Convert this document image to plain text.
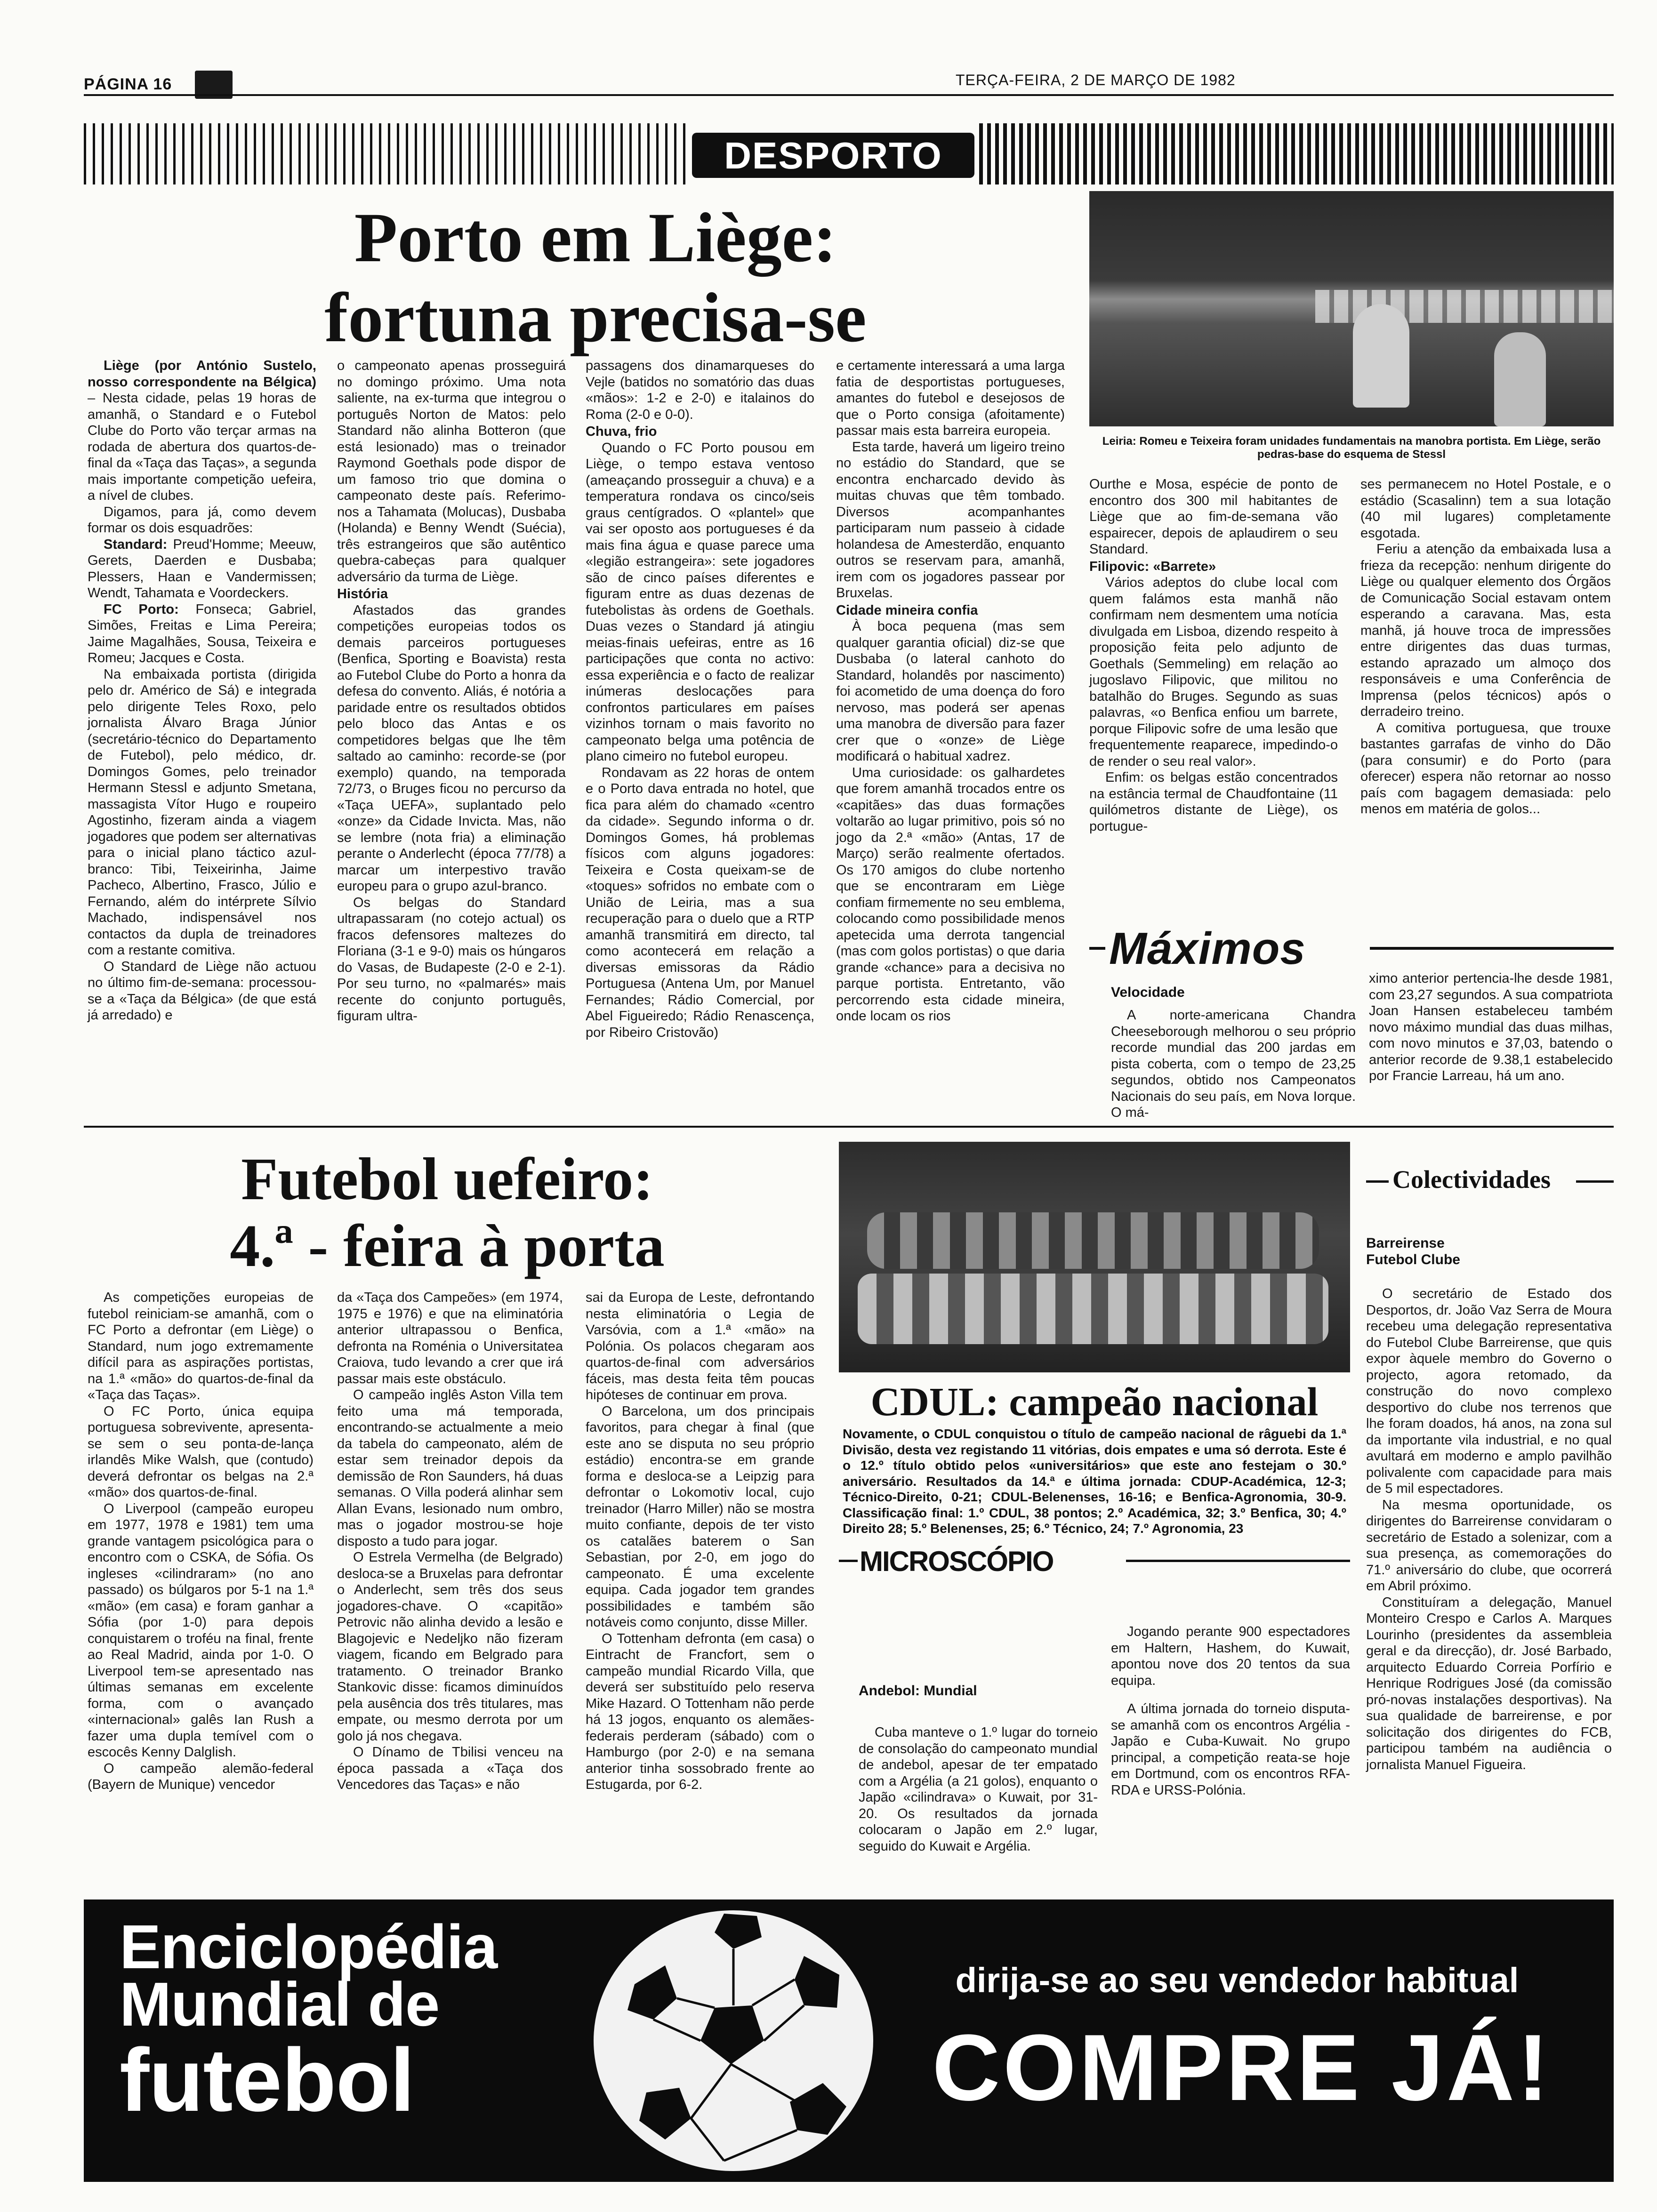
PÁGINA 16	TERÇA-FEIRA, 2 DE MARÇO DE 1982
DESPORTO
Porto em Liège:
fortuna precisa-se

Liège (por António Sustelo, nosso correspondente na Bélgica) – Nesta cidade, pelas 19 horas de amanhã, o Standard e o Futebol Clube do Porto vão terçar armas na rodada de abertura dos quartos-de-final da «Taça das Taças», a segunda mais importante competição uefeira, a nível de clubes.

Digamos, para já, como devem formar os dois esquadrões:

Standard: Preud'Homme; Meeuw, Gerets, Daerden e Dusbaba; Plessers, Haan e Vandermissen; Wendt, Tahamata e Voordeckers.

FC Porto: Fonseca; Gabriel, Simões, Freitas e Lima Pereira; Jaime Magalhães, Sousa, Teixeira e Romeu; Jacques e Costa.

Na embaixada portista (dirigida pelo dr. Américo de Sá) e integrada pelo dirigente Teles Roxo, pelo jornalista Álvaro Braga Júnior (secretário-técnico do Departamento de Futebol), pelo médico, dr. Domingos Gomes, pelo treinador Hermann Stessl e adjunto Smetana, massagista Vítor Hugo e roupeiro Agostinho, fizeram ainda a viagem jogadores que podem ser alternativas para o inicial plano táctico azul-branco: Tibi, Teixeirinha, Jaime Pacheco, Albertino, Frasco, Júlio e Fernando, além do intérprete Sílvio Machado, indispensável nos contactos da dupla de treinadores com a restante comitiva.

O Standard de Liège não actuou no último fim-de-semana: processou-se a «Taça da Bélgica» (de que está já arredado) e

o campeonato apenas prosseguirá no domingo próximo. Uma nota saliente, na ex-turma que integrou o português Norton de Matos: pelo Standard não alinha Botteron (que está lesionado) mas o treinador Raymond Goethals pode dispor de um famoso trio que domina o campeonato deste país. Referimo-nos a Tahamata (Molucas), Dusbaba (Holanda) e Benny Wendt (Suécia), três estrangeiros que são autêntico quebra-cabeças para qualquer adversário da turma de Liège.

História

Afastados das grandes competições europeias todos os demais parceiros portugueses (Benfica, Sporting e Boavista) resta ao Futebol Clube do Porto a honra da defesa do convento. Aliás, é notória a paridade entre os resultados obtidos pelo bloco das Antas e os competidores belgas que lhe têm saltado ao caminho: recorde-se (por exemplo) quando, na temporada 72/73, o Bruges ficou no percurso da «Taça UEFA», suplantado pelo «onze» da Cidade Invicta. Mas, não se lembre (nota fria) a eliminação perante o Anderlecht (época 77/78) a marcar um interpestivo travão europeu para o grupo azul-branco.

Os belgas do Standard ultrapassaram (no cotejo actual) os fracos defensores maltezes do Floriana (3-1 e 9-0) mais os húngaros do Vasas, de Budapeste (2-0 e 2-1). Por seu turno, no «palmarés» mais recente do conjunto português, figuram ultra-

passagens dos dinamarqueses do Vejle (batidos no somatório das duas «mãos»: 1-2 e 2-0) e italainos do Roma (2-0 e 0-0).

Chuva, frio

Quando o FC Porto pousou em Liège, o tempo estava ventoso (ameaçando prosseguir a chuva) e a temperatura rondava os cinco/seis graus centígrados. O «plantel» que vai ser oposto aos portugueses é da mais fina água e quase parece uma «legião estrangeira»: sete jogadores são de cinco países diferentes e figuram entre as duas dezenas de futebolistas às ordens de Goethals. Duas vezes o Standard já atingiu meias-finais uefeiras, entre as 16 participações que conta no activo: essa experiência e o facto de realizar inúmeras deslocações para confrontos particulares em países vizinhos tornam o mais favorito no campeonato belga uma potência de plano cimeiro no futebol europeu.

Rondavam as 22 horas de ontem e o Porto dava entrada no hotel, que fica para além do chamado «centro da cidade». Segundo informa o dr. Domingos Gomes, há problemas físicos com alguns jogadores: Teixeira e Costa queixam-se de «toques» sofridos no embate com o União de Leiria, mas a sua recuperação para o duelo que a RTP amanhã transmitirá em directo, tal como acontecerá em relação a diversas emissoras da Rádio Portuguesa (Antena Um, por Manuel Fernandes; Rádio Comercial, por Abel Figueiredo; Rádio Renascença, por Ribeiro Cristovão)

e certamente interessará a uma larga fatia de desportistas portugueses, amantes do futebol e desejosos de que o Porto consiga (afoitamente) passar mais esta barreira europeia.

Esta tarde, haverá um ligeiro treino no estádio do Standard, que se encontra encharcado devido às muitas chuvas que têm tombado. Diversos acompanhantes participaram num passeio à cidade holandesa de Amesterdão, enquanto outros se reservam para, amanhã, irem com os jogadores passear por Bruxelas.

Cidade mineira confia

À boca pequena (mas sem qualquer garantia oficial) diz-se que Dusbaba (o lateral canhoto do Standard, holandês por nascimento) foi acometido de uma doença do foro nervoso, mas poderá ser apenas uma manobra de diversão para fazer crer que o «onze» de Liège modificará o habitual xadrez.

Uma curiosidade: os galhardetes que forem amanhã trocados entre os «capitães» das duas formações voltarão ao lugar primitivo, pois só no jogo da 2.ª «mão» (Antas, 17 de Março) serão realmente ofertados. Os 170 amigos do clube nortenho que se encontraram em Liège confiam firmemente no seu emblema, colocando como possibilidade menos apetecida uma derrota tangencial (mas com golos portistas) o que daria grande «chance» para a decisiva no parque portista. Entretanto, vão percorrendo esta cidade mineira, onde locam os rios

Leiria: Romeu e Teixeira foram unidades fundamentais na manobra portista. Em Liège, serão pedras-base do esquema de Stessl

Ourthe e Mosa, espécie de ponto de encontro dos 300 mil habitantes de Liège que ao fim-de-semana vão espairecer, depois de aplaudirem o seu Standard.

Filipovic: «Barrete»

Vários adeptos do clube local com quem falámos esta manhã não confirmam nem desmentem uma notícia divulgada em Lisboa, dizendo respeito à proposição feita pelo adjunto de Goethals (Semmeling) em relação ao jugoslavo Filipovic, que militou no batalhão do Bruges. Segundo as suas palavras, «o Benfica enfiou um barrete, porque Filipovic sofre de uma lesão que frequentemente reaparece, impedindo-o de render o seu real valor».

Enfim: os belgas estão concentrados na estância termal de Chaudfontaine (11 quilómetros distante de Liège), os portugue-

ses permanecem no Hotel Postale, e o estádio (Scasalinn) tem a sua lotação (40 mil lugares) completamente esgotada.

Feriu a atenção da embaixada lusa a frieza da recepção: nenhum dirigente do Liège ou qualquer elemento dos Órgãos de Comunicação Social estavam ontem esperando a caravana. Mas, esta manhã, já houve troca de impressões entre dirigentes das duas turmas, estando aprazado um almoço dos responsáveis e uma Conferência de Imprensa (pelos técnicos) após o derradeiro treino.

A comitiva portuguesa, que trouxe bastantes garrafas de vinho do Dão (para consumir) e do Porto (para oferecer) espera não retornar ao nosso país com bagagem demasiada: pelo menos em matéria de golos...

Máximos
Velocidade

A norte-americana Chandra Cheeseborough melhorou o seu próprio recorde mundial das 200 jardas em pista coberta, com o tempo de 23,25 segundos, obtido nos Campeonatos Nacionais do seu país, em Nova Iorque. O má-

ximo anterior pertencia-lhe desde 1981, com 23,27 segundos. A sua compatriota Joan Hansen estabeleceu também novo máximo mundial das duas milhas, com novo minutos e 37,03, batendo o anterior recorde de 9.38,1 estabelecido por Francie Larreau, há um ano.

Futebol uefeiro:
4.ª - feira à porta

As competições europeias de futebol reiniciam-se amanhã, com o FC Porto a defrontar (em Liège) o Standard, num jogo extremamente difícil para as aspirações portistas, na 1.ª «mão» do quartos-de-final da «Taça das Taças».

O FC Porto, única equipa portuguesa sobrevivente, apresenta-se sem o seu ponta-de-lança irlandês Mike Walsh, que (contudo) deverá defrontar os belgas na 2.ª «mão» dos quartos-de-final.

O Liverpool (campeão europeu em 1977, 1978 e 1981) tem uma grande vantagem psicológica para o encontro com o CSKA, de Sófia. Os ingleses «cilindraram» (no ano passado) os búlgaros por 5-1 na 1.ª «mão» (em casa) e foram ganhar a Sófia (por 1-0) para depois conquistarem o troféu na final, frente ao Real Madrid, ainda por 1-0. O Liverpool tem-se apresentado nas últimas semanas em excelente forma, com o avançado «internacional» galês Ian Rush a fazer uma dupla temível com o escocês Kenny Dalglish.

O campeão alemão-federal (Bayern de Munique) vencedor

da «Taça dos Campeões» (em 1974, 1975 e 1976) e que na eliminatória anterior ultrapassou o Benfica, defronta na Roménia o Universitatea Craiova, tudo levando a crer que irá passar mais este obstáculo.

O campeão inglês Aston Villa tem feito uma má temporada, encontrando-se actualmente a meio da tabela do campeonato, além de estar sem treinador depois da demissão de Ron Saunders, há duas semanas. O Villa poderá alinhar sem Allan Evans, lesionado num ombro, mas o jogador mostrou-se hoje disposto a tudo para jogar.

O Estrela Vermelha (de Belgrado) desloca-se a Bruxelas para defrontar o Anderlecht, sem três dos seus jogadores-chave. O «capitão» Petrovic não alinha devido a lesão e Blagojevic e Nedeljko não fizeram viagem, ficando em Belgrado para tratamento. O treinador Branko Stankovic disse: ficamos diminuídos pela ausência dos três titulares, mas empate, ou mesmo derrota por um golo já nos chegava.

O Dínamo de Tbilisi venceu na época passada a «Taça dos Vencedores das Taças» e não

sai da Europa de Leste, defrontando nesta eliminatória o Legia de Varsóvia, com a 1.ª «mão» na Polónia. Os polacos chegaram aos quartos-de-final com adversários fáceis, mas desta feita têm poucas hipóteses de continuar em prova.

O Barcelona, um dos principais favoritos, para chegar à final (que este ano se disputa no seu próprio estádio) encontra-se em grande forma e desloca-se a Leipzig para defrontar o Lokomotiv local, cujo treinador (Harro Miller) não se mostra muito confiante, depois de ter visto os catalães baterem o San Sebastian, por 2-0, em jogo do campeonato. É uma excelente equipa. Cada jogador tem grandes possibilidades e também são notáveis como conjunto, disse Miller.

O Tottenham defronta (em casa) o Eintracht de Francfort, sem o campeão mundial Ricardo Villa, que deverá ser substituído pelo reserva Mike Hazard. O Tottenham não perde há 13 jogos, enquanto os alemães-federais perderam (sábado) com o Hamburgo (por 2-0) e na semana anterior tinha sossobrado frente ao Estugarda, por 6-2.

CDUL: campeão nacional
Novamente, o CDUL conquistou o título de campeão nacional de râguebi da 1.ª Divisão, desta vez registando 11 vitórias, dois empates e uma só derrota. Este é o 12.º título obtido pelos «universitários» que este ano festejam o 30.º aniversário. Resultados da 14.ª e última jornada: CDUP-Académica, 12-3; Técnico-Direito, 0-21; CDUL-Belenenses, 16-16; e Benfica-Agronomia, 30-9. Classificação final: 1.º CDUL, 38 pontos; 2.º Académica, 32; 3.º Benfica, 30; 4.º Direito 28; 5.º Belenenses, 25; 6.º Técnico, 24; 7.º Agronomia, 23
MICROSCÓPIO
Andebol: Mundial

Cuba manteve o 1.º lugar do torneio de consolação do campeonato mundial de andebol, apesar de ter empatado com a Argélia (a 21 golos), enquanto o Japão «cilindrava» o Kuwait, por 31-20. Os resultados da jornada colocaram o Japão em 2.º lugar, seguido do Kuwait e Argélia.

Jogando perante 900 espectadores em Haltern, Hashem, do Kuwait, apontou nove dos 20 tentos da sua equipa.

A última jornada do torneio disputa-se amanhã com os encontros Argélia - Japão e Cuba-Kuwait. No grupo principal, a competição reata-se hoje em Dortmund, com os encontros RFA-RDA e URSS-Polónia.

Colectividades
Barreirense Futebol Clube

O secretário de Estado dos Desportos, dr. João Vaz Serra de Moura recebeu uma delegação representativa do Futebol Clube Barreirense, que quis expor àquele membro do Governo o projecto, agora retomado, da construção do novo complexo desportivo do clube nos terrenos que lhe foram doados, há anos, na zona sul da importante vila industrial, e no qual avultará em moderno e amplo pavilhão polivalente com capacidade para mais de 5 mil espectadores.

Na mesma oportunidade, os dirigentes do Barreirense convidaram o secretário de Estado a solenizar, com a sua presença, as comemorações do 71.º aniversário do clube, que ocorrerá em Abril próximo.

Constituíram a delegação, Manuel Monteiro Crespo e Carlos A. Marques Lourinho (presidentes da assembleia geral e da direcção), dr. José Barbado, arquitecto Eduardo Correia Porfírio e Henrique Rodrigues José (da comissão pró-novas instalações desportivas). Na sua qualidade de barreirense, e por solicitação dos dirigentes do FCB, participou também na audiência o jornalista Manuel Figueira.

Enciclopédia
Mundial de
futebol
dirija-se ao seu vendedor habitual
COMPRE JÁ!
